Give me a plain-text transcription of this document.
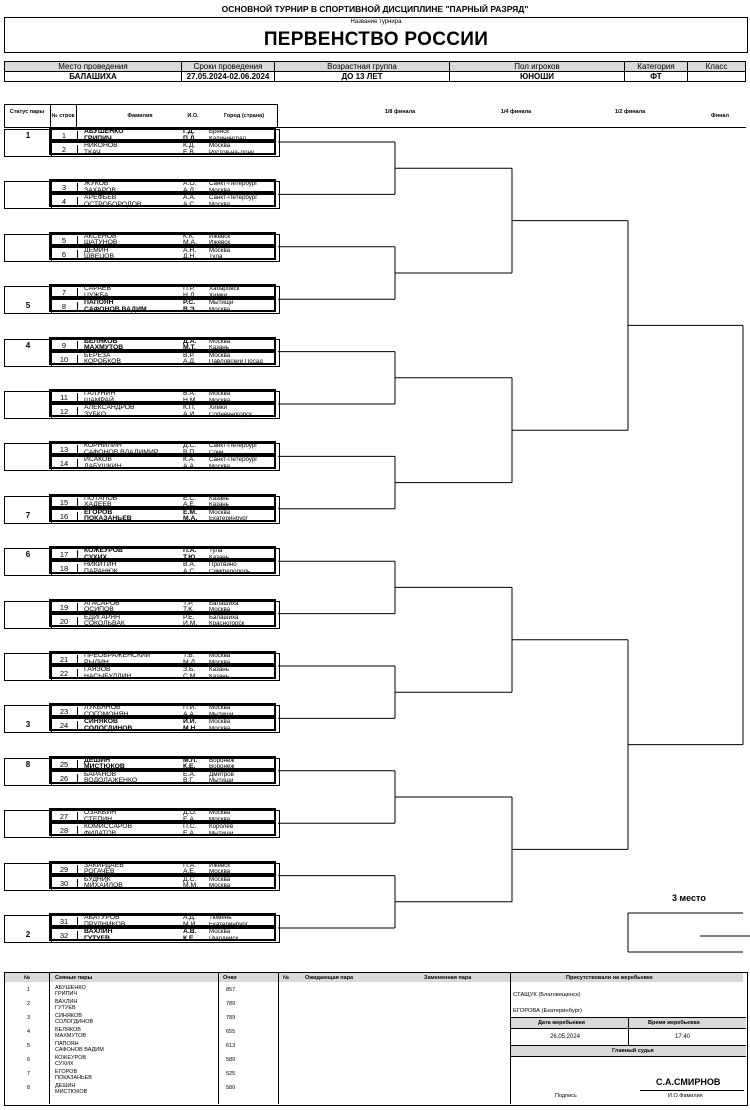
ОСНОВНОЙ ТУРНИР В СПОРТИВНОЙ ДИСЦИПЛИНЕ "ПАРНЫЙ РАЗРЯД"
Название турнира
ПЕРВЕНСТВО РОССИИ
Место проведения	Сроки проведения	Возрастная группа	Пол игроков	Категория	Класс
БАЛАШИХА	27.05.2024-02.06.2024	ДО 13 ЛЕТ	ЮНОШИ	ФТ	
Статус пары
№ строк	Фамилия	И.О.	Город (страна)
1/8 финала	1/4 финала	1/2 финала
Финал
1	1	АБУШЕНКО	Г.Д. Брянск
ГРИПИЧ	П.Д. Калининград
2	НИКОНОВ	К.Д. Москва
ТКАЧ	Е.В. Ростов-на-Дону
3	ЖУКОВ	А.О. Санкт-Петербург
ЗАХАРОВ	А.Д. Москва
4	АРЕФЬЕВ	А.А. Санкт-Петербург
ОСТРОБОРОДОВ	А.С. Москва
5	АКСЕНОВ	К.К. Ижевск
ШАТУНОВ	М.А. Ижевск
6	ДЕМИН	А.Н. Москва
ШВЕЦОВ	Д.Н. Тула
5
7	САРАЕВ	П.Р. Хабаровск
ЦУЖБА	Н.Д. Химки
8	ПАПОЯН	Р.С. Мытищи
САФОНОВ ВАДИМ	В.Э. Москва
4	9	БЕЛЯКОВ	Д.А. Москва
МАХМУТОВ	М.Т. Казань
10	БЕРЕЗА	В.Р. Москва
КОРОБКОВ	А.Д. Павловский Посад
11	ГАЛУНИН	В.А. Москва
ШАМРАЙ	Н.М. Москва
12	АЛЕКСАНДРОВ	К.П. Химки
ЗУБКО	А.И. Солнечногорск
13	КОРНИЛИН	Д.С. Санкт-Петербург
САФОНОВ ВЛАДИМИР	В.П. Сочи
14	ИСАКОВ	К.А. Санкт-Петербург
ЛАБУШКИН	А.А. Москва
7
15	ПОТАПОВ	Е.С. Казань
ХАДЕЕВ	А.Е. Казань
16	ЕГОРОВ	Е.М. Москва
ПОКАЗАНЬЕВ	М.А. Екатеринбург
6	17	КОЖЕУРОВ	П.А. Тула
СУХИХ	Т.Ю. Казань
18	НИКИТИН	В.А. Протвино
ПАРАНЮК	А.С. Симферополь
19	АГАСАРОВ	Т.Р.	Балашиха
ОСИПОВ	Т.К. Москва
20	ЕДИГАРЯН	Р.Е. Балашиха
СОКОЛЬВАК	И.М. Красногорск
21	ПРЕОБРАЖЕНСКИЙ	Т.В. Москва
РЫЛИН	М.Д. Москва
22	ГАЯЗОВ	З.Б. Казань
НАСЫБУЛЛИН	С.М. Казань
3
23	ЛУКЬЯНОВ	П.И. Москва
СОГОМОНЯН	А.А. Мытищи
24	СИНЯКОВ	И.И. Москва
СОЛОГДИНОВ	М.Н. Москва
8	25	ДЕШИН	М.Л. Воронеж
МИСТЮКОВ	К.Е. Воронеж
26	БАРАНОВ	Е.А. Дмитров
ВОДОЛАЖЕНКО	В.Г. Мытищи
27	ОЗАКБИН	Д.О. Москва
СТЕПИН	Е.А. Москва
28	КОМИССАРОВ	П.С. Королёв
ФИЛАТОВ	Е.А. Мытищи
29	ЗАКИРДАЕВ	П.А. Ижевск
РОГАЧЕВ	А.Е. Москва
30	БУДНИК	Д.С. Москва
МИХАЙЛОВ	М.М. Москва
2
31	АБАТУРОВ	А.Д. Тюмень
ПРУДНИКОВ	М.И. Екатеринбург
32	ВАХЛИН	А.В. Москва
ГУТУЕВ	К.Е. Гвардейск
3 место
№	Сеяные пары	Очки	№	Ожидающая пара	Замененная пара	Присутствовали на жеребьевке
1	АБУШЕНКО
ГРИПИЧ
857
2	ВАХЛИН
ГУТУЕВ
789
3	СИНЯКОВ
СОЛОГДИНОВ
789
4	БЕЛЯКОВ
МАХМУТОВ
655
5	ПАПОЯН
САФОНОВ ВАДИМ
613
6	КОЖЕУРОВ
СУХИХ
589
7	ЕГОРОВ
ПОКАЗАНЬЕВ
525
8	ДЕШИН
МИСТЮКОВ
580
СТАЩУК (Благовещенск)
ЕГОРОВА (Екатеринбург)
Дата жеребьевки	Время жеребьевки
26.05.2024	17:40
Главный судья
С.А.СМИРНОВ
Подпись	И.О.Фамилия
